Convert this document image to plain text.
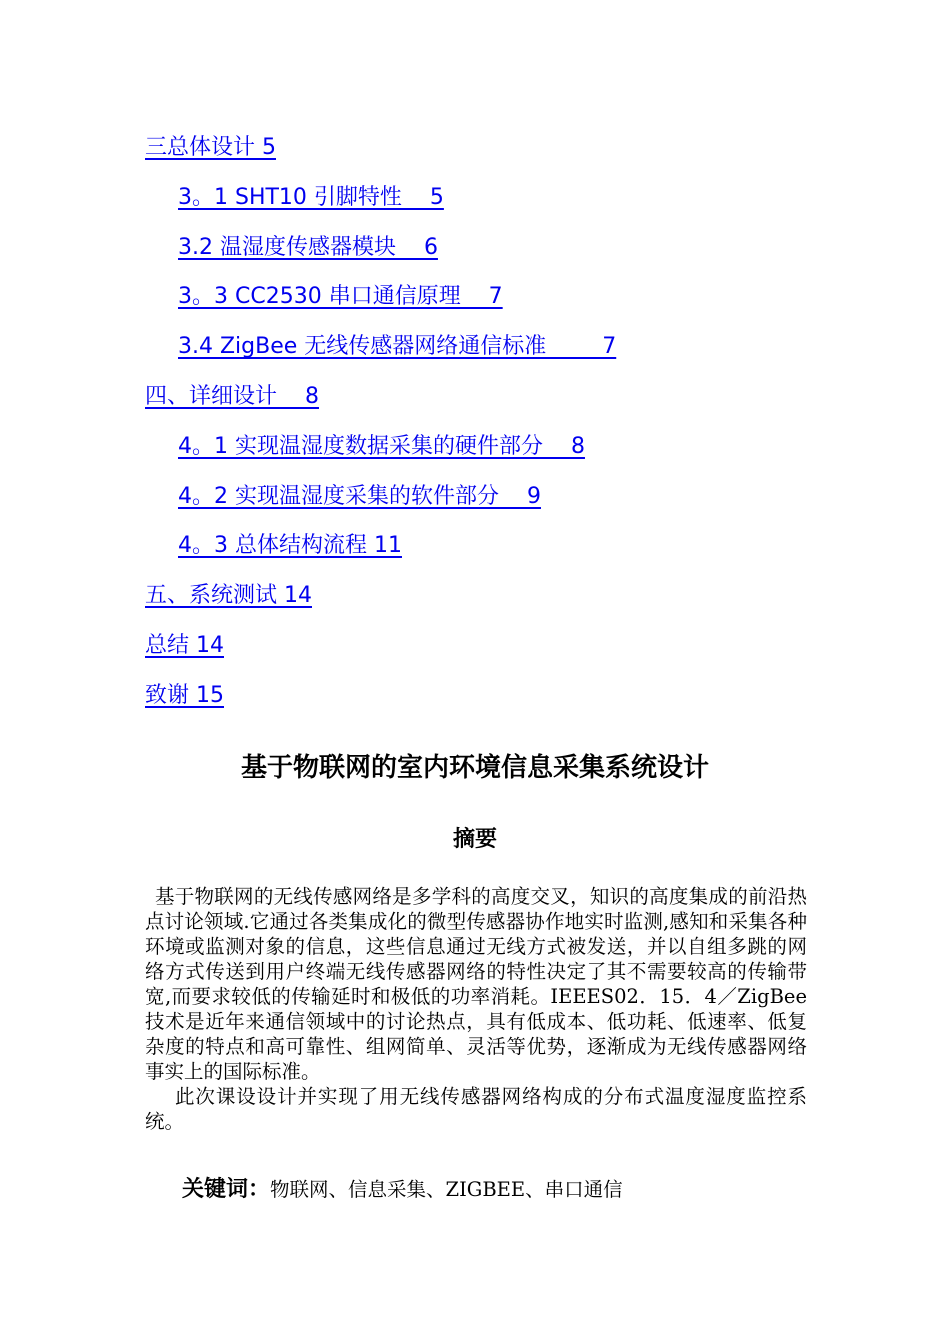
三总体设计 5
3。1 SHT10 引脚特性    5
3.2 温湿度传感器模块    6
3。3 CC2530 串口通信原理    7
3.4 ZigBee 无线传感器网络通信标准        7
四、详细设计    8
4。1 实现温湿度数据采集的硬件部分    8
4。2 实现温湿度采集的软件部分    9
4。3 总体结构流程 11
五、系统测试 14
总结 14
致谢 15
基于物联网的室内环境信息采集系统设计
摘要

基于物联网的无线传感网络是多学科的高度交叉，知识的高度集成的前沿热点讨论领域.它通过各类集成化的微型传感器协作地实时监测,感知和采集各种环境或监测对象的信息，这些信息通过无线方式被发送，并以自组多跳的网络方式传送到用户终端无线传感器网络的特性决定了其不需要较高的传输带宽,而要求较低的传输延时和极低的功率消耗。IEEES02．15．4／ZigBee 技术是近年来通信领域中的讨论热点，具有低成本、低功耗、低速率、低复杂度的特点和高可靠性、组网简单、灵活等优势，逐渐成为无线传感器网络事实上的国际标准。

此次课设设计并实现了用无线传感器网络构成的分布式温度湿度监控系统。

关键词：物联网、信息采集、ZIGBEE、串口通信
